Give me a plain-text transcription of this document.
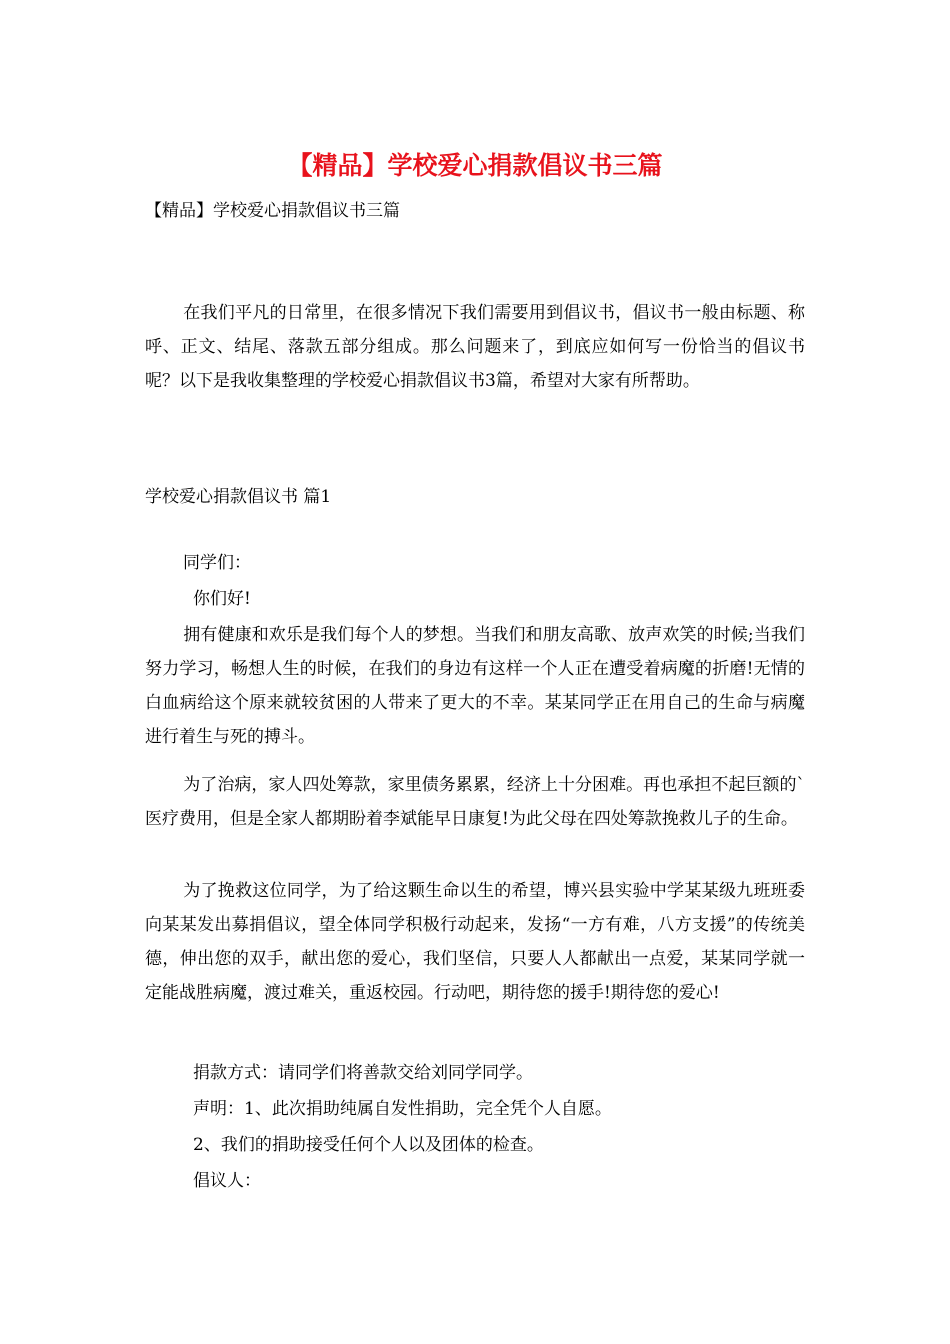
【精品】学校爱心捐款倡议书三篇

【精品】学校爱心捐款倡议书三篇

在我们平凡的日常里，在很多情况下我们需要用到倡议书，倡议书一般由标题、称呼、正文、结尾、落款五部分组成。那么问题来了，到底应如何写一份恰当的倡议书呢？以下是我收集整理的学校爱心捐款倡议书3篇，希望对大家有所帮助。

学校爱心捐款倡议书 篇1

同学们：

你们好!

拥有健康和欢乐是我们每个人的梦想。当我们和朋友高歌、放声欢笑的时候;当我们努力学习，畅想人生的时候，在我们的身边有这样一个人正在遭受着病魔的折磨!无情的白血病给这个原来就较贫困的人带来了更大的不幸。某某同学正在用自己的生命与病魔进行着生与死的搏斗。

为了治病，家人四处筹款，家里债务累累，经济上十分困难。再也承担不起巨额的`医疗费用，但是全家人都期盼着李斌能早日康复!为此父母在四处筹款挽救儿子的生命。

为了挽救这位同学，为了给这颗生命以生的希望，博兴县实验中学某某级九班班委向某某发出募捐倡议，望全体同学积极行动起来，发扬“一方有难，八方支援”的传统美德，伸出您的双手，献出您的爱心，我们坚信，只要人人都献出一点爱，某某同学就一定能战胜病魔，渡过难关，重返校园。行动吧，期待您的援手!期待您的爱心!

捐款方式：请同学们将善款交给刘同学同学。

声明：1、此次捐助纯属自发性捐助，完全凭个人自愿。

2、我们的捐助接受任何个人以及团体的检查。

倡议人：
